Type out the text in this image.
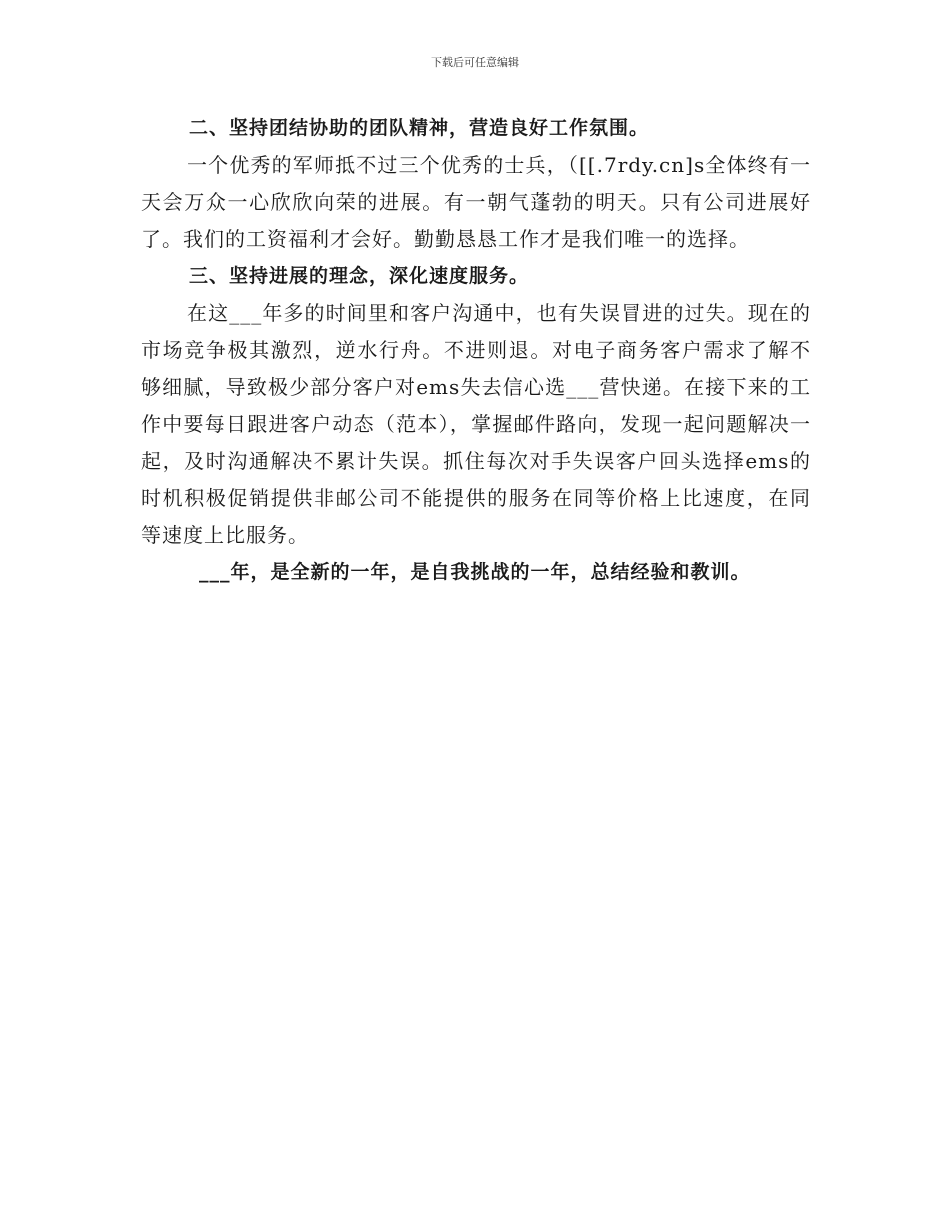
下载后可任意编辑

二、坚持团结协助的团队精神，营造良好工作氛围。

一个优秀的军师抵不过三个优秀的士兵，（[[.7rdy.cn]s全体终有一天会万众一心欣欣向荣的进展。有一朝气蓬勃的明天。只有公司进展好了。我们的工资福利才会好。勤勤恳恳工作才是我们唯一的选择。

三、坚持进展的理念，深化速度服务。

在这___年多的时间里和客户沟通中，也有失误冒进的过失。现在的市场竞争极其激烈，逆水行舟。不进则退。对电子商务客户需求了解不够细腻，导致极少部分客户对ems失去信心选___营快递。在接下来的工作中要每日跟进客户动态（范本），掌握邮件路向，发现一起问题解决一起，及时沟通解决不累计失误。抓住每次对手失误客户回头选择ems的时机积极促销提供非邮公司不能提供的服务在同等价格上比速度，在同等速度上比服务。

___年，是全新的一年，是自我挑战的一年，总结经验和教训。
